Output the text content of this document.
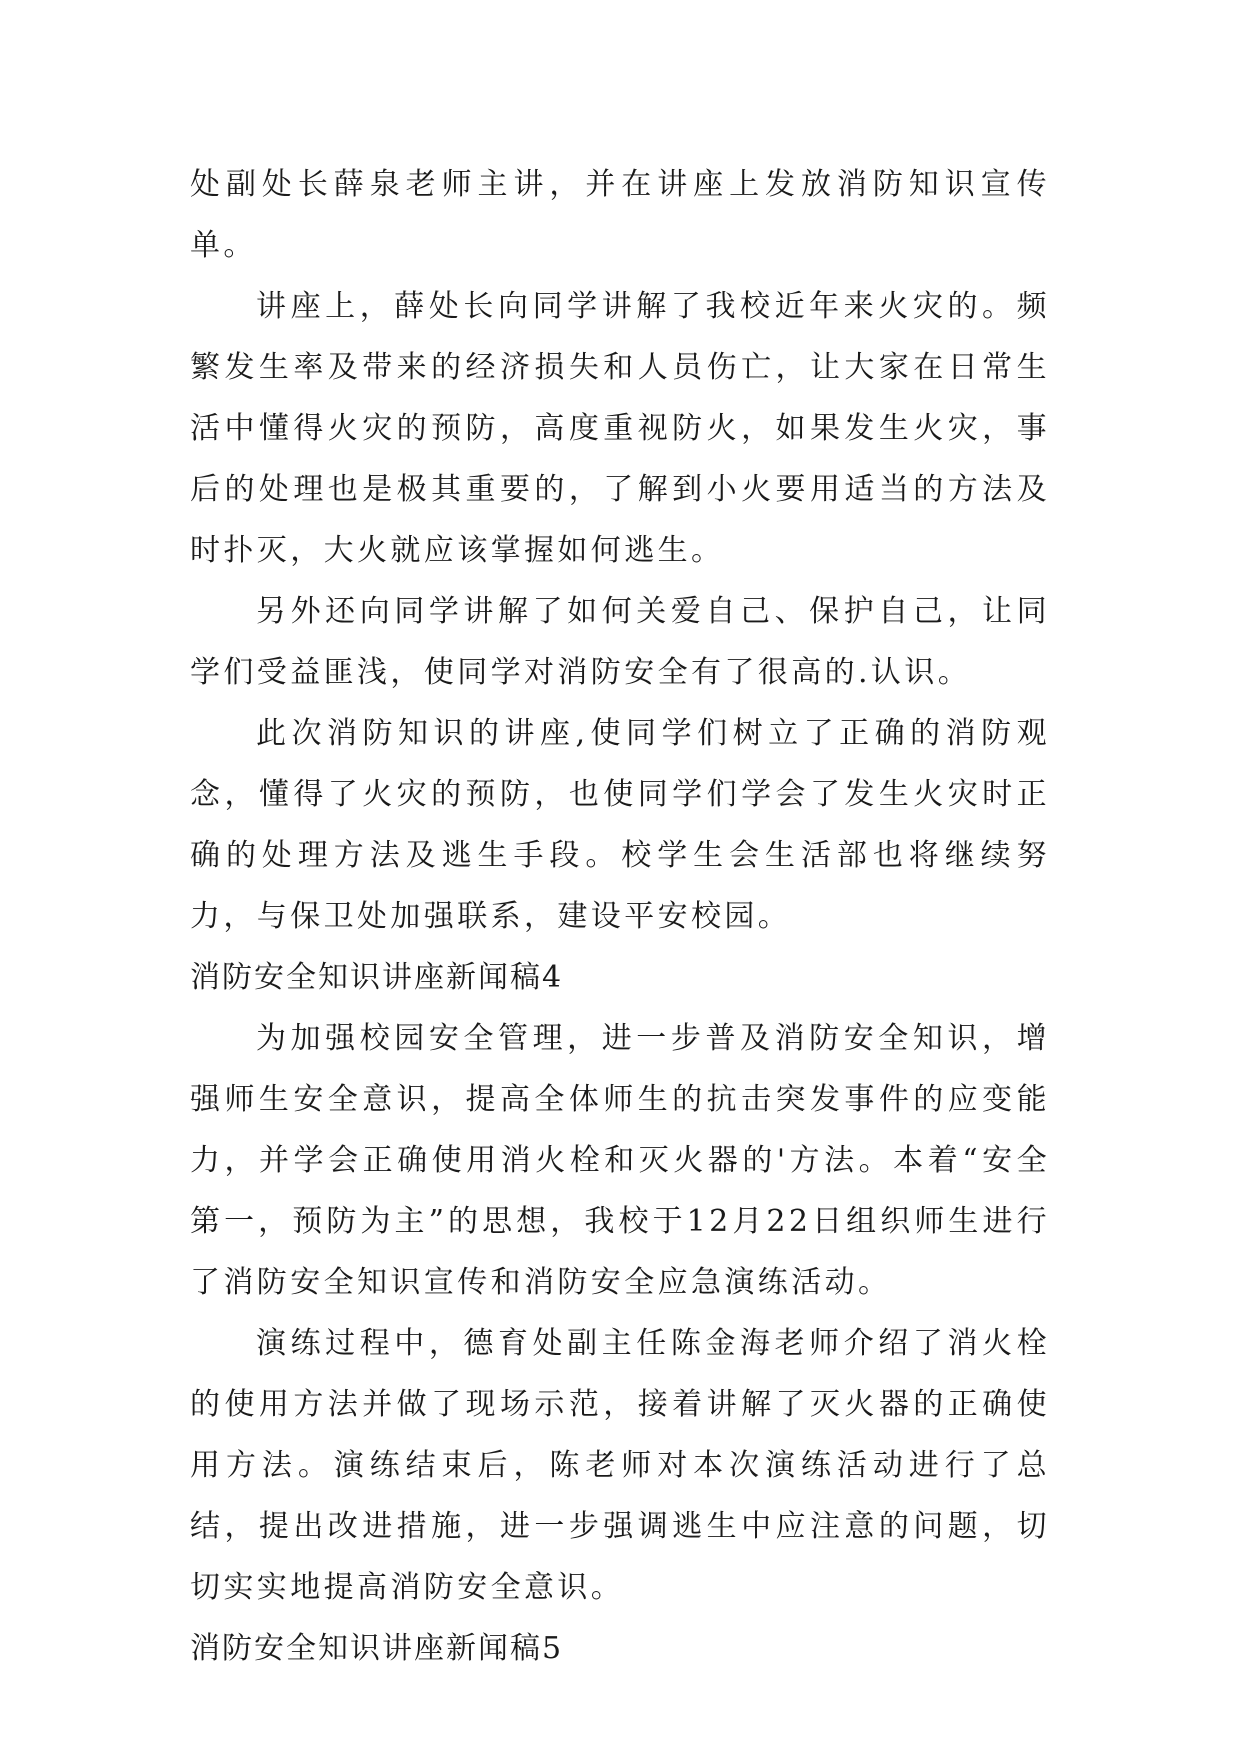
处副处长薛泉老师主讲，并在讲座上发放消防知识宣传单。

讲座上，薛处长向同学讲解了我校近年来火灾的。频繁发生率及带来的经济损失和人员伤亡，让大家在日常生活中懂得火灾的预防，高度重视防火，如果发生火灾，事后的处理也是极其重要的，了解到小火要用适当的方法及时扑灭，大火就应该掌握如何逃生。

另外还向同学讲解了如何关爱自己、保护自己，让同学们受益匪浅，使同学对消防安全有了很高的.认识。

此次消防知识的讲座,使同学们树立了正确的消防观念，懂得了火灾的预防，也使同学们学会了发生火灾时正确的处理方法及逃生手段。校学生会生活部也将继续努力，与保卫处加强联系，建设平安校园。

消防安全知识讲座新闻稿4

为加强校园安全管理，进一步普及消防安全知识，增强师生安全意识，提高全体师生的抗击突发事件的应变能力，并学会正确使用消火栓和灭火器的'方法。本着“安全第一，预防为主”的思想，我校于12月22日组织师生进行了消防安全知识宣传和消防安全应急演练活动。

演练过程中，德育处副主任陈金海老师介绍了消火栓的使用方法并做了现场示范，接着讲解了灭火器的正确使用方法。演练结束后，陈老师对本次演练活动进行了总结，提出改进措施，进一步强调逃生中应注意的问题，切切实实地提高消防安全意识。

消防安全知识讲座新闻稿5
